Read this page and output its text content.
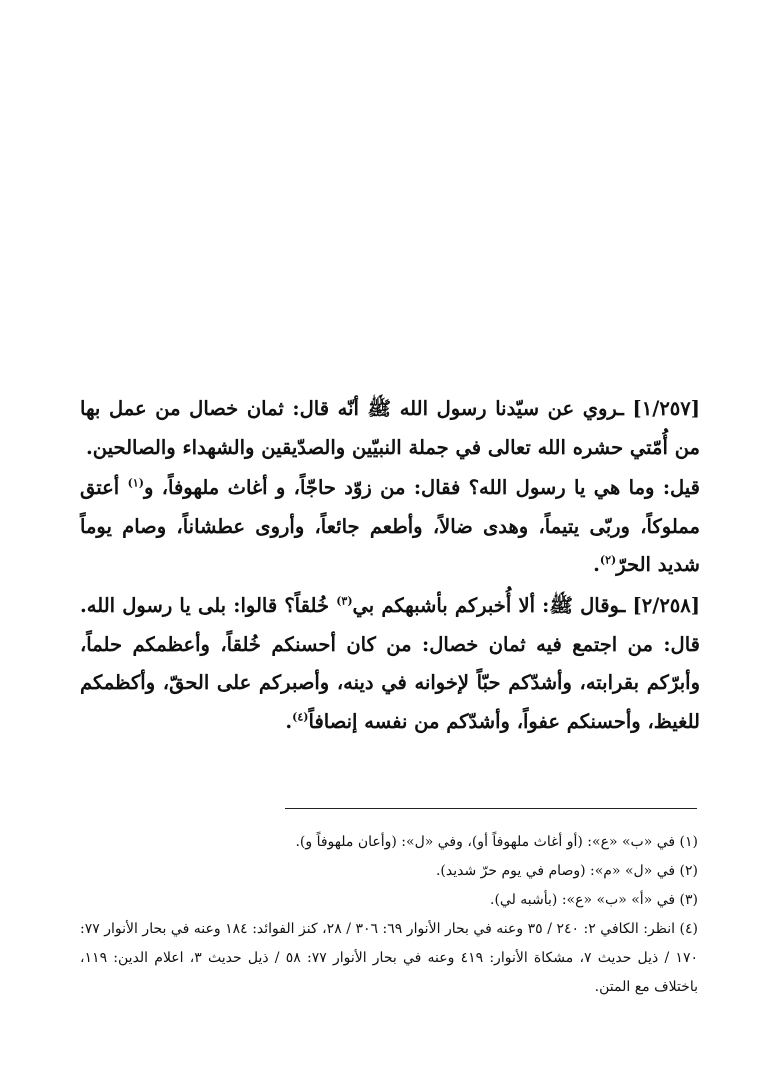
[١/٢٥٧] ـروي عن سيّدنا رسول الله ﷺ أنّه قال: ثمان خصال من عمل بها من أُمّتي حشره الله تعالى في جملة النبيّين والصدّيقين والشهداء والصالحين.

قيل: وما هي يا رسول الله؟ فقال: من زوّد حاجّاً، و أغاث ملهوفاً، و$^{(١)}$ أعتق مملوكاً، وربّى يتيماً، وهدى ضالاً، وأطعم جائعاً، وأروى عطشاناً، وصام يوماً شديد الحرّ$^{(٢)}$.

[٢/٢٥٨] ـوقال ﷺ: ألا أُخبركم بأشبهكم بي$^{(٣)}$ خُلقاً؟ قالوا: بلى يا رسول الله. قال: من اجتمع فيه ثمان خصال: من كان أحسنكم خُلقاً، وأعظمكم حلماً، وأبرّكم بقرابته، وأشدّكم حبّاً لإخوانه في دينه، وأصبركم على الحقّ، وأكظمكم للغيظ، وأحسنكم عفواً، وأشدّكم من نفسه إنصافاً$^{(٤)}$.

(١) في «ب» «ع»: (أو أغاث ملهوفاً أو)، وفي «ل»: (وأعان ملهوفاً و).

(٢) في «ل» «م»: (وصام في يوم حرّ شديد).

(٣) في «أ» «ب» «ع»: (بأشبه لي).

(٤) انظر: الكافي ٢: ٢٤٠ / ٣٥ وعنه في بحار الأنوار ٦٩: ٣٠٦ / ٢٨، كنز الفوائد: ١٨٤ وعنه في بحار الأنوار ٧٧: ١٧٠ / ذيل حديث ٧، مشكاة الأنوار: ٤١٩ وعنه في بحار الأنوار ٧٧: ٥٨ / ذيل حديث ٣، اعلام الدين: ١١٩، باختلاف مع المتن.
